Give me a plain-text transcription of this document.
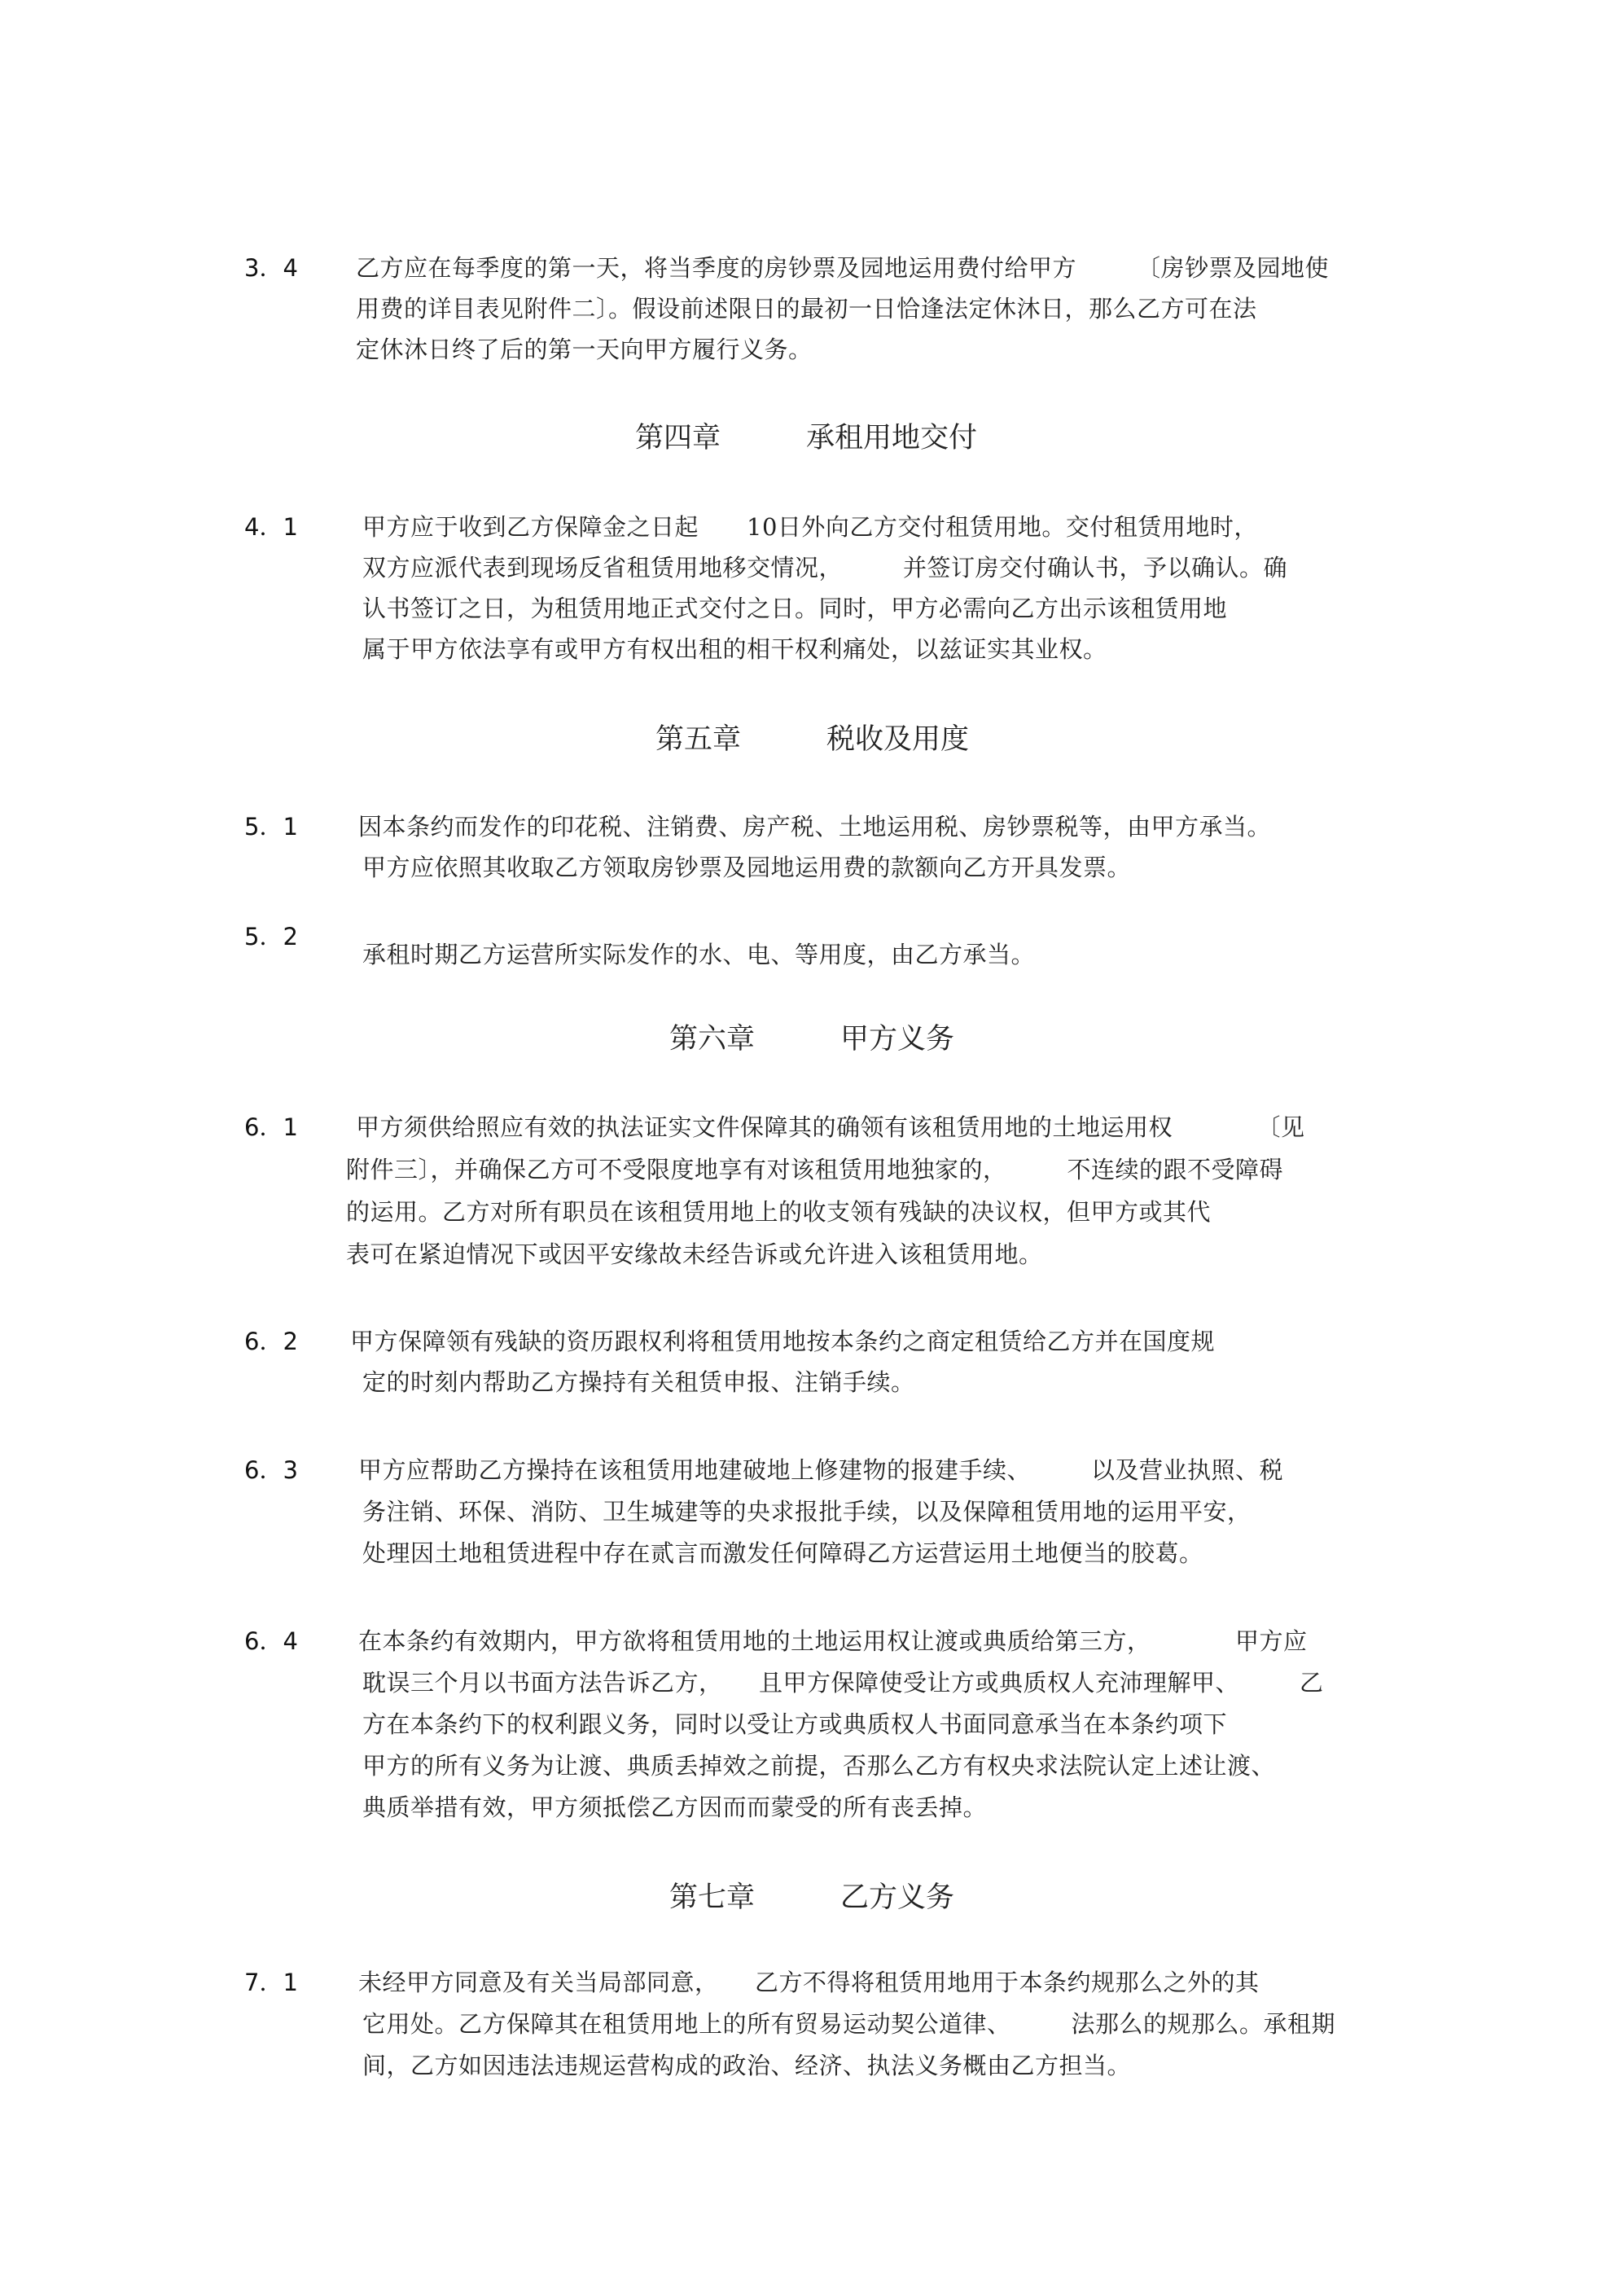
3．4 乙方应在每季度的第一天，将当季度的房钞票及园地运用费付给甲方　　　〔房钞票及园地使
用费的详目表见附件二〕。假设前述限日的最初一日恰逢法定休沐日，那么乙方可在法
定休沐日终了后的第一天向甲方履行义务。
第四章　　　承租用地交付
4．1	甲方应于收到乙方保障金之日起　　10日外向乙方交付租赁用地。交付租赁用地时，
双方应派代表到现场反省租赁用地移交情况，　　　并签订房交付确认书，予以确认。确
认书签订之日，为租赁用地正式交付之日。同时，甲方必需向乙方出示该租赁用地
属于甲方依法享有或甲方有权出租的相干权利痛处，以兹证实其业权。
第五章　　　税收及用度
5．1	因本条约而发作的印花税、注销费、房产税、土地运用税、房钞票税等，由甲方承当。
甲方应依照其收取乙方领取房钞票及园地运用费的款额向乙方开具发票。
5．2
承租时期乙方运营所实际发作的水、电、等用度，由乙方承当。
第六章　　　甲方义务
6．1 甲方须供给照应有效的执法证实文件保障其的确领有该租赁用地的土地运用权　　　　〔见
附件三〕，并确保乙方可不受限度地享有对该租赁用地独家的，　　　不连续的跟不受障碍
的运用。乙方对所有职员在该租赁用地上的收支领有残缺的决议权，但甲方或其代
表可在紧迫情况下或因平安缘故未经告诉或允许进入该租赁用地。
6．2 甲方保障领有残缺的资历跟权利将租赁用地按本条约之商定租赁给乙方并在国度规
定的时刻内帮助乙方操持有关租赁申报、注销手续。
6．3	甲方应帮助乙方操持在该租赁用地建破地上修建物的报建手续、　　　以及营业执照、税
务注销、环保、消防、卫生城建等的央求报批手续，以及保障租赁用地的运用平安，
处理因土地租赁进程中存在贰言而激发任何障碍乙方运营运用土地便当的胶葛。
6．4	在本条约有效期内，甲方欲将租赁用地的土地运用权让渡或典质给第三方，　　　　甲方应
耽误三个月以书面方法告诉乙方，　　且甲方保障使受让方或典质权人充沛理解甲、　　　乙
方在本条约下的权利跟义务，同时以受让方或典质权人书面同意承当在本条约项下
甲方的所有义务为让渡、典质丢掉效之前提，否那么乙方有权央求法院认定上述让渡、
典质举措有效，甲方须抵偿乙方因而而蒙受的所有丧丢掉。
第七章　　　乙方义务
7．1	未经甲方同意及有关当局部同意，　　乙方不得将租赁用地用于本条约规那么之外的其
它用处。乙方保障其在租赁用地上的所有贸易运动契公道律、　　　法那么的规那么。承租期
间，乙方如因违法违规运营构成的政治、经济、执法义务概由乙方担当。
